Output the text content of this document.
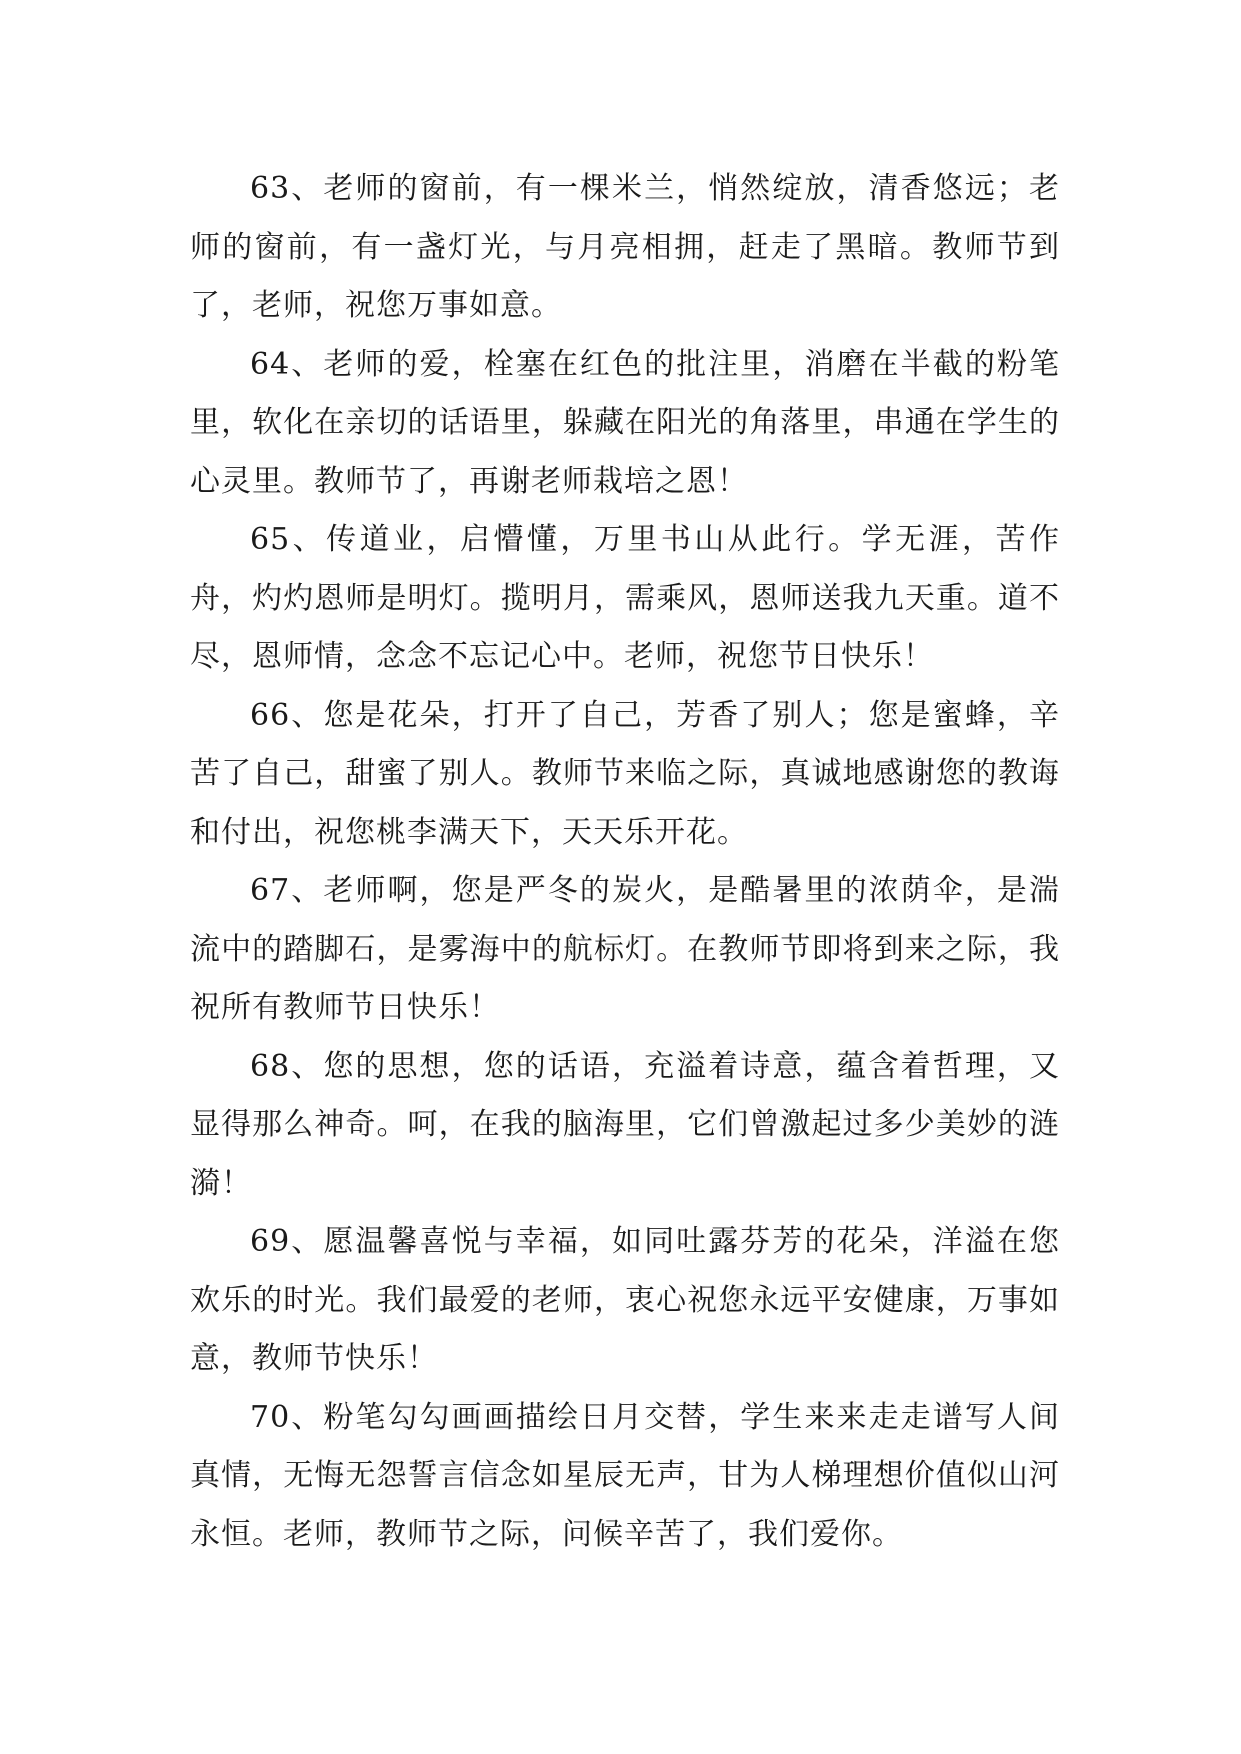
63、老师的窗前，有一棵米兰，悄然绽放，清香悠远；老师的窗前，有一盏灯光，与月亮相拥，赶走了黑暗。教师节到了，老师，祝您万事如意。

64、老师的爱，栓塞在红色的批注里，消磨在半截的粉笔里，软化在亲切的话语里，躲藏在阳光的角落里，串通在学生的心灵里。教师节了，再谢老师栽培之恩！

65、传道业，启懵懂，万里书山从此行。学无涯，苦作舟，灼灼恩师是明灯。揽明月，需乘风，恩师送我九天重。道不尽，恩师情，念念不忘记心中。老师，祝您节日快乐！

66、您是花朵，打开了自己，芳香了别人；您是蜜蜂，辛苦了自己，甜蜜了别人。教师节来临之际，真诚地感谢您的教诲和付出，祝您桃李满天下，天天乐开花。

67、老师啊，您是严冬的炭火，是酷暑里的浓荫伞，是湍流中的踏脚石，是雾海中的航标灯。在教师节即将到来之际，我祝所有教师节日快乐！

68、您的思想，您的话语，充溢着诗意，蕴含着哲理，又显得那么神奇。呵，在我的脑海里，它们曾激起过多少美妙的涟漪！

69、愿温馨喜悦与幸福，如同吐露芬芳的花朵，洋溢在您欢乐的时光。我们最爱的老师，衷心祝您永远平安健康，万事如意，教师节快乐！

70、粉笔勾勾画画描绘日月交替，学生来来走走谱写人间真情，无悔无怨誓言信念如星辰无声，甘为人梯理想价值似山河永恒。老师，教师节之际，问候辛苦了，我们爱你。
